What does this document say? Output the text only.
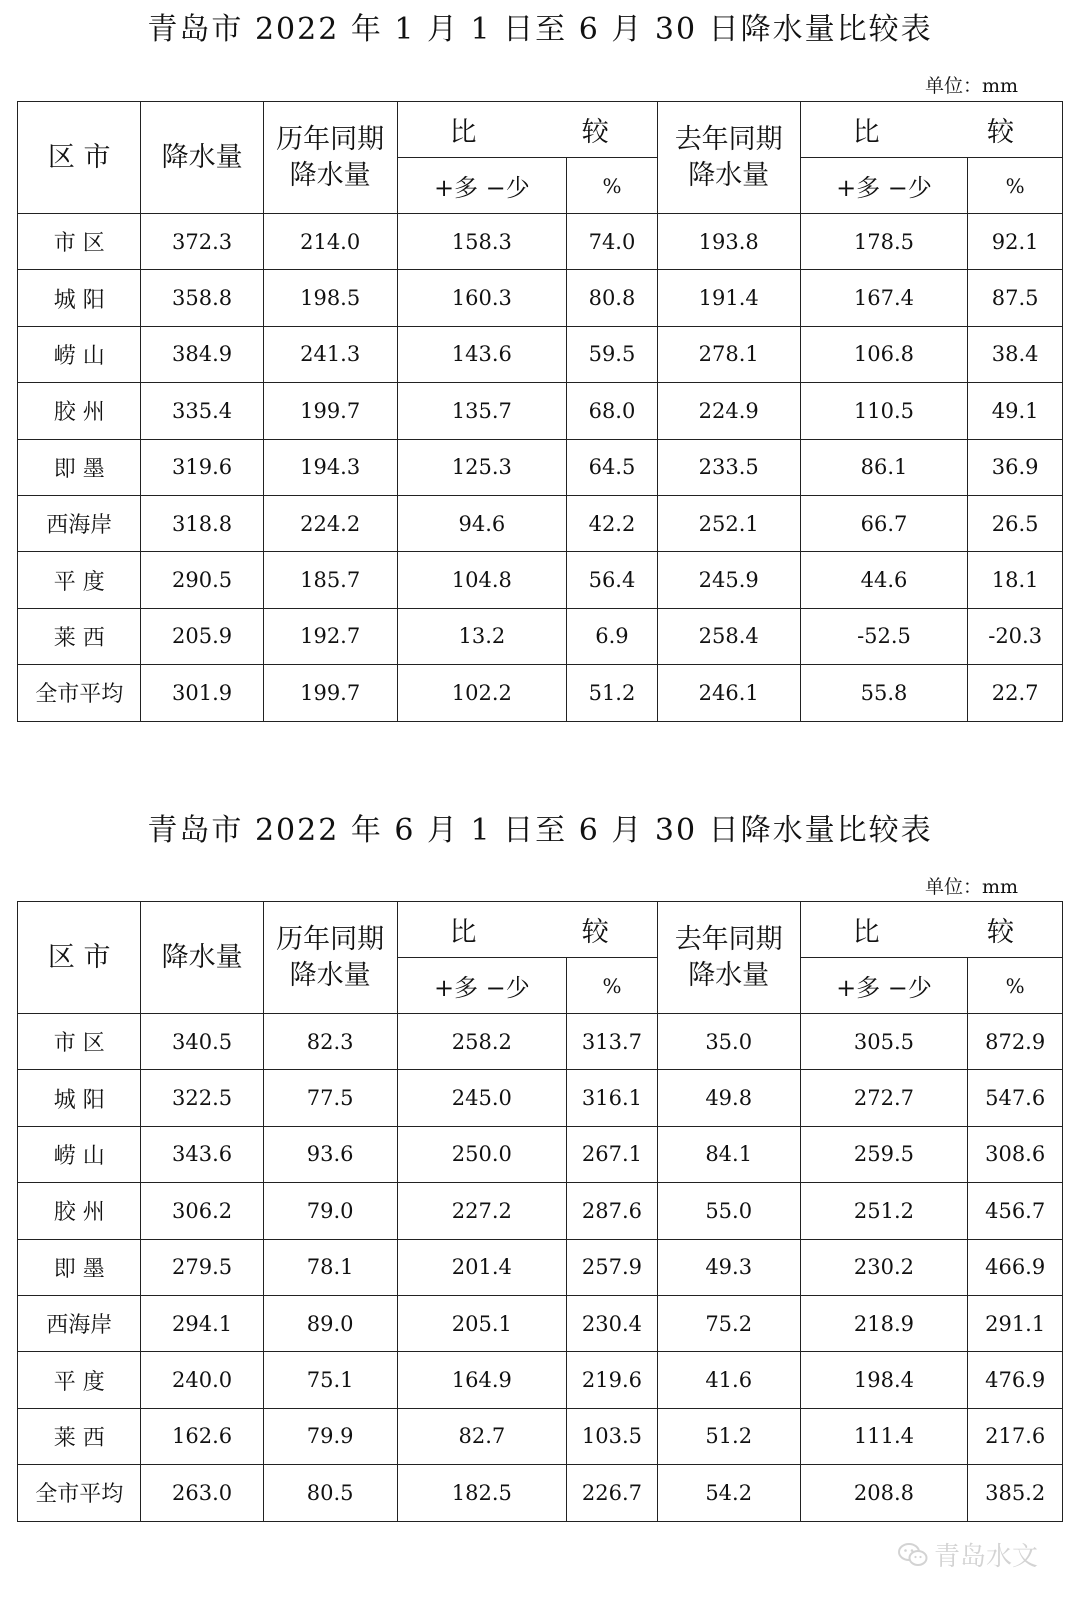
青岛市 2022 年 1 月 1 日至 6 月 30 日降水量比较表
单位：mm
区 市	降水量	历年同期降水量	比 较		去年同期降水量	比 较	

			+多 −少	%		+多 −少	%
市 区	372.3	214.0	158.3	74.0	193.8	178.5	92.1
城 阳	358.8	198.5	160.3	80.8	191.4	167.4	87.5
崂 山	384.9	241.3	143.6	59.5	278.1	106.8	38.4
胶 州	335.4	199.7	135.7	68.0	224.9	110.5	49.1
即 墨	319.6	194.3	125.3	64.5	233.5	86.1	36.9
西海岸	318.8	224.2	94.6	42.2	252.1	66.7	26.5
平 度	290.5	185.7	104.8	56.4	245.9	44.6	18.1
莱 西	205.9	192.7	13.2	6.9	258.4	-52.5	-20.3
全市平均	301.9	199.7	102.2	51.2	246.1	55.8	22.7
青岛市 2022 年 6 月 1 日至 6 月 30 日降水量比较表
单位：mm
区 市	降水量	历年同期降水量	比 较		去年同期降水量	比 较	

			+多 −少	%		+多 −少	%
市 区	340.5	82.3	258.2	313.7	35.0	305.5	872.9
城 阳	322.5	77.5	245.0	316.1	49.8	272.7	547.6
崂 山	343.6	93.6	250.0	267.1	84.1	259.5	308.6
胶 州	306.2	79.0	227.2	287.6	55.0	251.2	456.7
即 墨	279.5	78.1	201.4	257.9	49.3	230.2	466.9
西海岸	294.1	89.0	205.1	230.4	75.2	218.9	291.1
平 度	240.0	75.1	164.9	219.6	41.6	198.4	476.9
莱 西	162.6	79.9	82.7	103.5	51.2	111.4	217.6
全市平均	263.0	80.5	182.5	226.7	54.2	208.8	385.2
青岛水文
